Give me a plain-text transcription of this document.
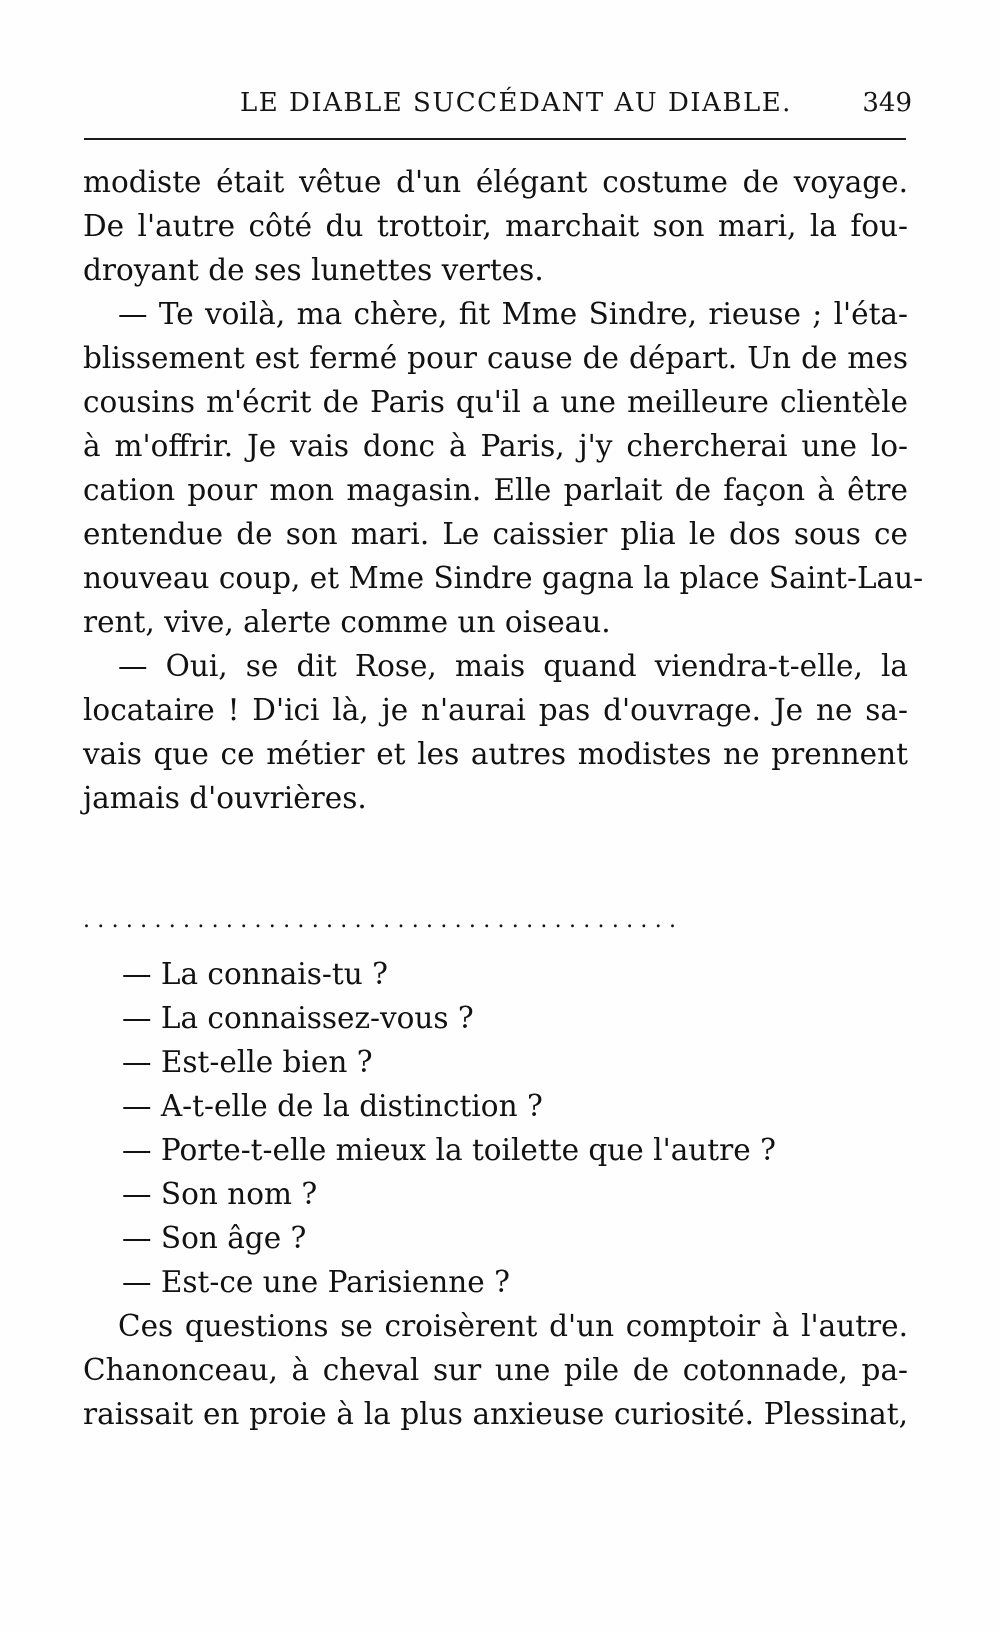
LE DIABLE SUCCÉDANT AU DIABLE.	349
modiste était vêtue d'un élégant costume de voyage.
De l'autre côté du trottoir, marchait son mari, la fou-
droyant de ses lunettes vertes.
— Te voilà, ma chère, fit Mme Sindre, rieuse ; l'éta-
blissement est fermé pour cause de départ. Un de mes
cousins m'écrit de Paris qu'il a une meilleure clientèle
à m'offrir. Je vais donc à Paris, j'y chercherai une lo-
cation pour mon magasin. Elle parlait de façon à être
entendue de son mari. Le caissier plia le dos sous ce
nouveau coup, et Mme Sindre gagna la place Saint-Lau-
rent, vive, alerte comme un oiseau.
— Oui, se dit Rose, mais quand viendra-t-elle, la
locataire ! D'ici là, je n'aurai pas d'ouvrage. Je ne sa-
vais que ce métier et les autres modistes ne prennent
jamais d'ouvrières.
..........................................
— La connais-tu ?
— La connaissez-vous ?
— Est-elle bien ?
— A-t-elle de la distinction ?
— Porte-t-elle mieux la toilette que l'autre ?
— Son nom ?
— Son âge ?
— Est-ce une Parisienne ?
Ces questions se croisèrent d'un comptoir à l'autre.
Chanonceau, à cheval sur une pile de cotonnade, pa-
raissait en proie à la plus anxieuse curiosité. Plessinat,
